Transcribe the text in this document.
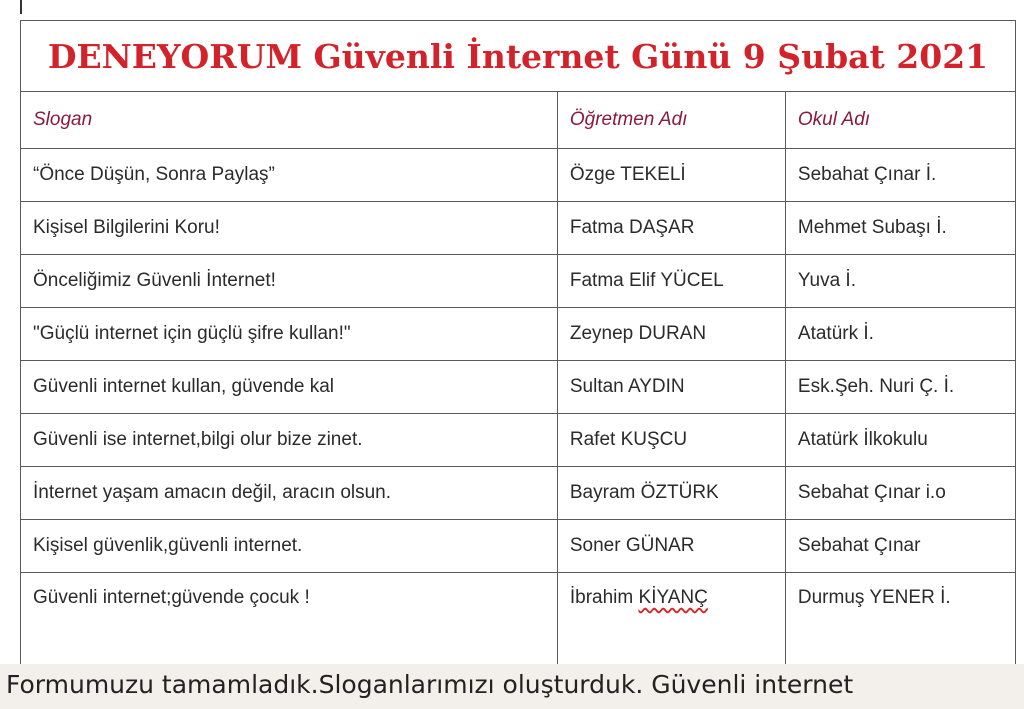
DENEYORUM Güvenli İnternet Günü 9 Şubat 2021		
Slogan	Öğretmen Adı	Okul Adı
“Önce Düşün, Sonra Paylaş”	Özge TEKELİ	Sebahat Çınar İ.
Kişisel Bilgilerini Koru!	Fatma DAŞAR	Mehmet Subaşı İ.
Önceliğimiz Güvenli İnternet!	Fatma Elif YÜCEL	Yuva İ.
"Güçlü internet için güçlü şifre kullan!"	Zeynep DURAN	Atatürk İ.
Güvenli internet kullan, güvende kal	Sultan AYDIN	Esk.Şeh. Nuri Ç. İ.
Güvenli ise internet,bilgi olur bize zinet.	Rafet KUŞCU	Atatürk İlkokulu
İnternet yaşam amacın değil, aracın olsun.	Bayram ÖZTÜRK	Sebahat Çınar i.o
Kişisel güvenlik,güvenli internet.	Soner GÜNAR	Sebahat Çınar
Güvenli internet;güvende çocuk !	İbrahim KİYANÇ	Durmuş YENER İ.
Formumuzu tamamladık.Sloganlarımızı oluşturduk. Güvenli internet
